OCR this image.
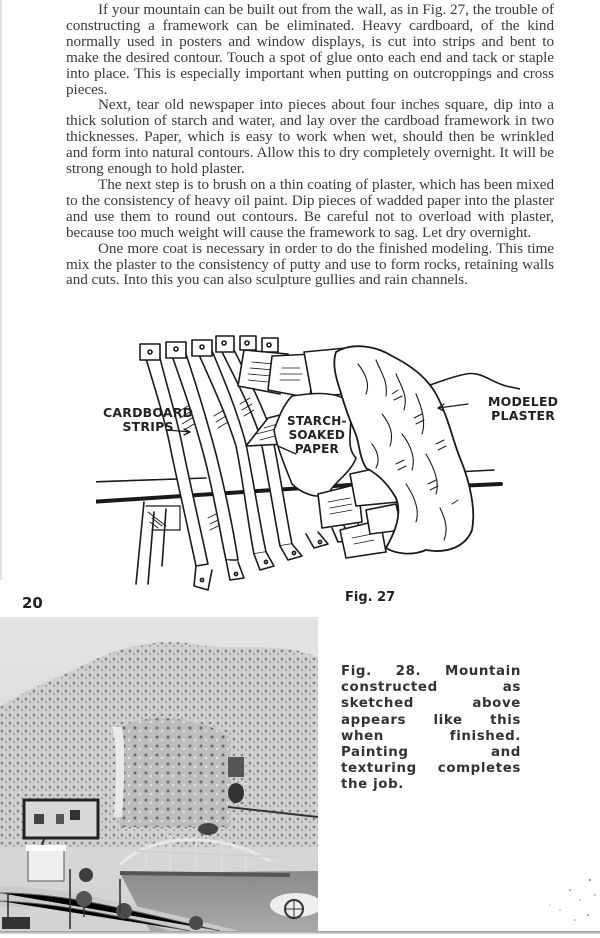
If your mountain can be built out from the wall, as in Fig. 27, the trouble of constructing a framework can be eliminated. Heavy cardboard, of the kind normally used in posters and window displays, is cut into strips and bent to make the desired contour. Touch a spot of glue onto each end and tack or staple into place. This is especially important when putting on outcroppings and cross pieces.

Next, tear old newspaper into pieces about four inches square, dip into a thick solution of starch and water, and lay over the cardboad framework in two thicknesses. Paper, which is easy to work when wet, should then be wrinkled and form into natural contours. Allow this to dry completely overnight. It will be strong enough to hold plaster.

The next step is to brush on a thin coating of plaster, which has been mixed to the consistency of heavy oil paint. Dip pieces of wadded paper into the plaster and use them to round out contours. Be careful not to overload with plaster, because too much weight will cause the framework to sag. Let dry overnight.

One more coat is necessary in order to do the finished modeling. This time mix the plaster to the consistency of putty and use to form rocks, retaining walls and cuts. Into this you can also sculpture gullies and rain channels.

CARDBOARD
STRIPS	STARCH-
SOAKED
PAPER
MODELED
PLASTER
Fig. 27
20
Fig. 28. Mountain constructed as sketched above appears like this when finished. Painting and texturing completes the job.
